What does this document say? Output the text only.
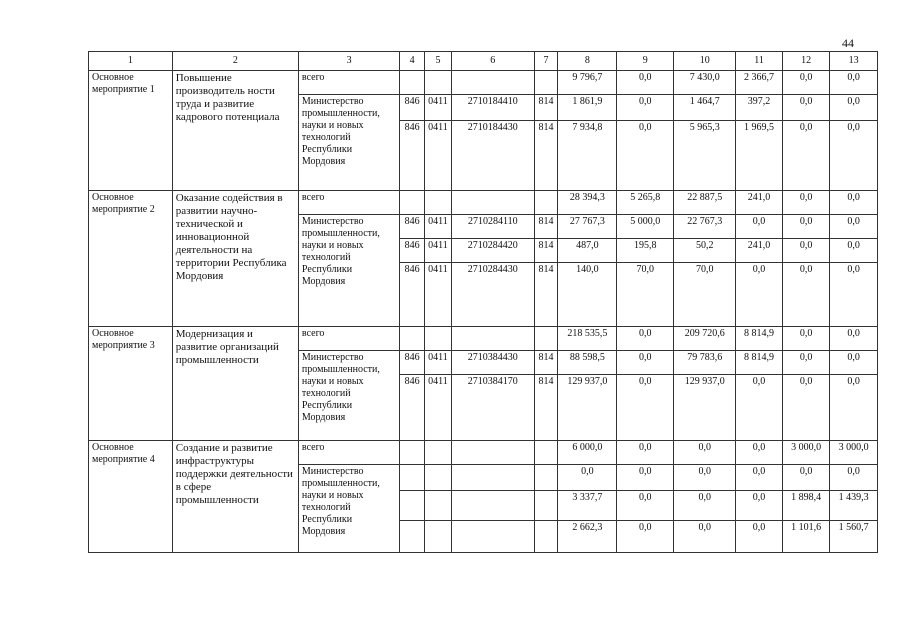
44
1	2	3	4	5	6	7	8	9	10	11	12	13
Основное мероприятие 1	Повышение производитель ности труда и развитие кадрового потенциала	всего					9 796,7	0,0	7 430,0	2 366,7	0,0	0,0
		Министерство промышленности, науки и новых технологий Республики Мордовия	846	0411	2710184410	814	1 861,9	0,0	1 464,7	397,2	0,0	0,0
			846	0411	2710184430	814	7 934,8	0,0	5 965,3	1 969,5	0,0	0,0
Основное мероприятие 2	Оказание содействия в развитии научно-технической и инновационной деятельности на территории Республика Мордовия	всего					28 394,3	5 265,8	22 887,5	241,0	0,0	0,0
		Министерство промышленности, науки и новых технологий Республики Мордовия	846	0411	2710284110	814	27 767,3	5 000,0	22 767,3	0,0	0,0	0,0
			846	0411	2710284420	814	487,0	195,8	50,2	241,0	0,0	0,0
			846	0411	2710284430	814	140,0	70,0	70,0	0,0	0,0	0,0
Основное мероприятие 3	Модернизация и развитие организаций промышленности	всего					218 535,5	0,0	209 720,6	8 814,9	0,0	0,0
		Министерство промышленности, науки и новых технологий Республики Мордовия	846	0411	2710384430	814	88 598,5	0,0	79 783,6	8 814,9	0,0	0,0
			846	0411	2710384170	814	129 937,0	0,0	129 937,0	0,0	0,0	0,0
Основное мероприятие 4	Создание и развитие инфраструктуры поддержки деятельности в сфере промышленности	всего					6 000,0	0,0	0,0	0,0	3 000,0	3 000,0
		Министерство промышленности, науки и новых технологий Республики Мордовия					0,0	0,0	0,0	0,0	0,0	0,0
							3 337,7	0,0	0,0	0,0	1 898,4	1 439,3
							2 662,3	0,0	0,0	0,0	1 101,6	1 560,7
